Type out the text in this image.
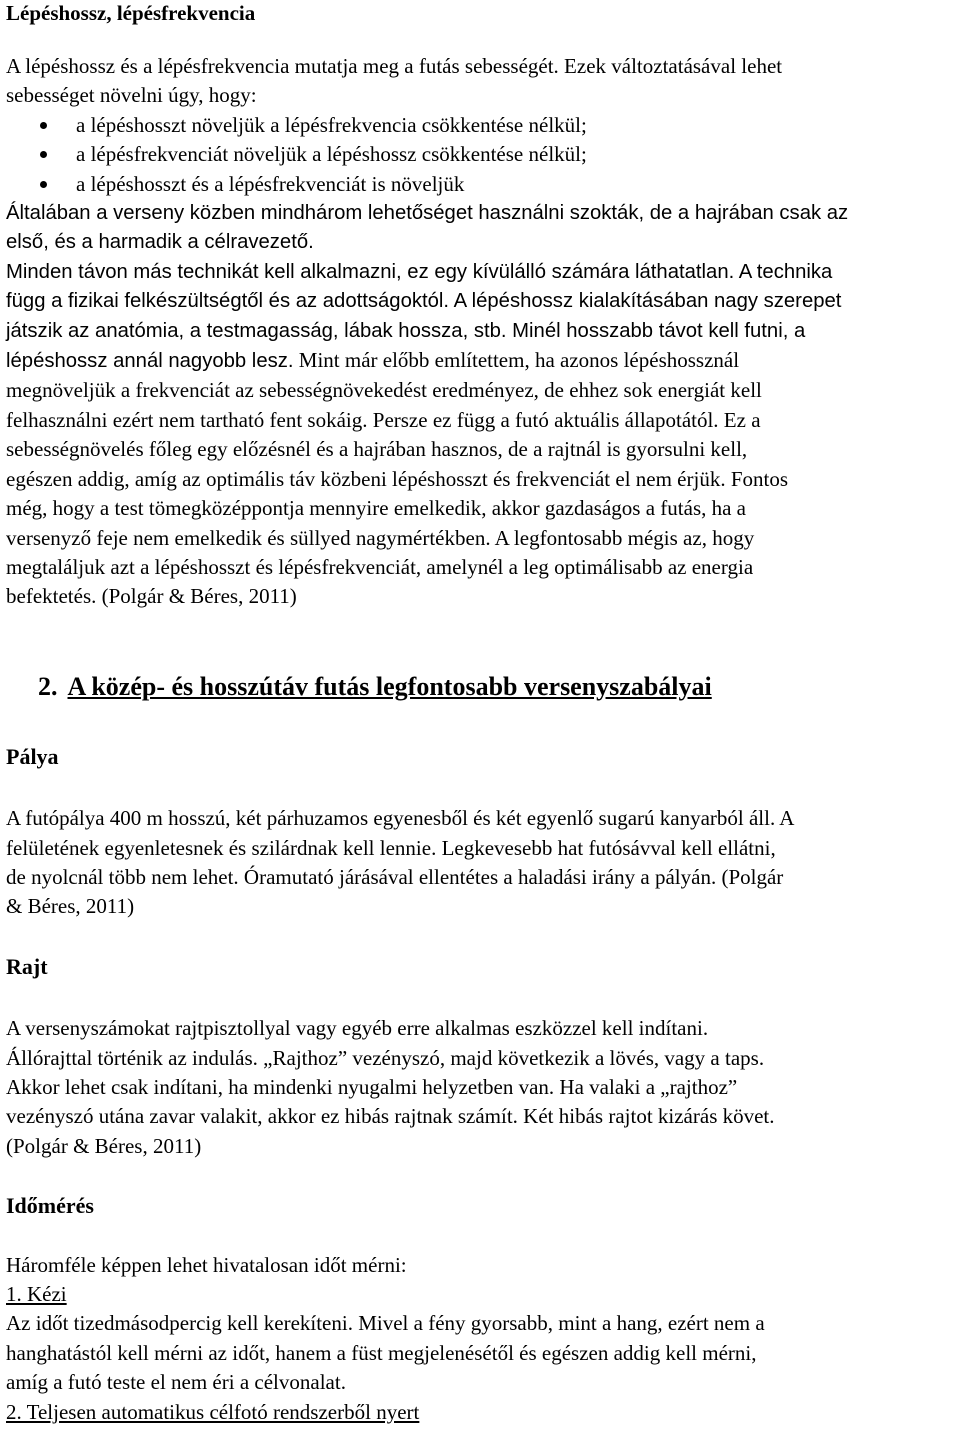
Lépéshossz, lépésfrekvencia

A lépéshossz és a lépésfrekvencia mutatja meg a futás sebességét. Ezek változtatásával lehet

sebességet növelni úgy, hogy:

a lépéshosszt növeljük a lépésfrekvencia csökkentése nélkül;
a lépésfrekvenciát növeljük a lépéshossz csökkentése nélkül;
a lépéshosszt és a lépésfrekvenciát is növeljük

Általában a verseny közben mindhárom lehetőséget használni szokták, de a hajrában csak az

első, és a harmadik a célravezető.

Minden távon más technikát kell alkalmazni, ez egy kívülálló számára láthatatlan. A technika

függ a fizikai felkészültségtől és az adottságoktól. A lépéshossz kialakításában nagy szerepet

játszik az anatómia, a testmagasság, lábak hossza, stb. Minél hosszabb távot kell futni, a

lépéshossz annál nagyobb lesz. Mint már előbb említettem, ha azonos lépéshossznál

megnöveljük a frekvenciát az sebességnövekedést eredményez, de ehhez sok energiát kell

felhasználni ezért nem tartható fent sokáig. Persze ez függ a futó aktuális állapotától. Ez a

sebességnövelés főleg egy előzésnél és a hajrában hasznos, de a rajtnál is gyorsulni kell,

egészen addig, amíg az optimális táv közbeni lépéshosszt és frekvenciát el nem érjük. Fontos

még, hogy a test tömegközéppontja mennyire emelkedik, akkor gazdaságos a futás, ha a

versenyző feje nem emelkedik és süllyed nagymértékben. A legfontosabb mégis az, hogy

megtaláljuk azt a lépéshosszt és lépésfrekvenciát, amelynél a leg optimálisabb az energia

befektetés. (Polgár & Béres, 2011)

2. A közép- és hosszútáv futás legfontosabb versenyszabályai
Pálya

A futópálya 400 m hosszú, két párhuzamos egyenesből és két egyenlő sugarú kanyarból áll. A

felületének egyenletesnek és szilárdnak kell lennie. Legkevesebb hat futósávval kell ellátni,

de nyolcnál több nem lehet. Óramutató járásával ellentétes a haladási irány a pályán. (Polgár

& Béres, 2011)

Rajt

A versenyszámokat rajtpisztollyal vagy egyéb erre alkalmas eszközzel kell indítani.

Állórajttal történik az indulás. „Rajthoz” vezényszó, majd következik a lövés, vagy a taps.

Akkor lehet csak indítani, ha mindenki nyugalmi helyzetben van. Ha valaki a „rajthoz”

vezényszó utána zavar valakit, akkor ez hibás rajtnak számít. Két hibás rajtot kizárás követ.

(Polgár & Béres, 2011)

Időmérés

Háromféle képpen lehet hivatalosan időt mérni:

1. Kézi

Az időt tizedmásodpercig kell kerekíteni. Mivel a fény gyorsabb, mint a hang, ezért nem a

hanghatástól kell mérni az időt, hanem a füst megjelenésétől és egészen addig kell mérni,

amíg a futó teste el nem éri a célvonalat.

2. Teljesen automatikus célfotó rendszerből nyert
